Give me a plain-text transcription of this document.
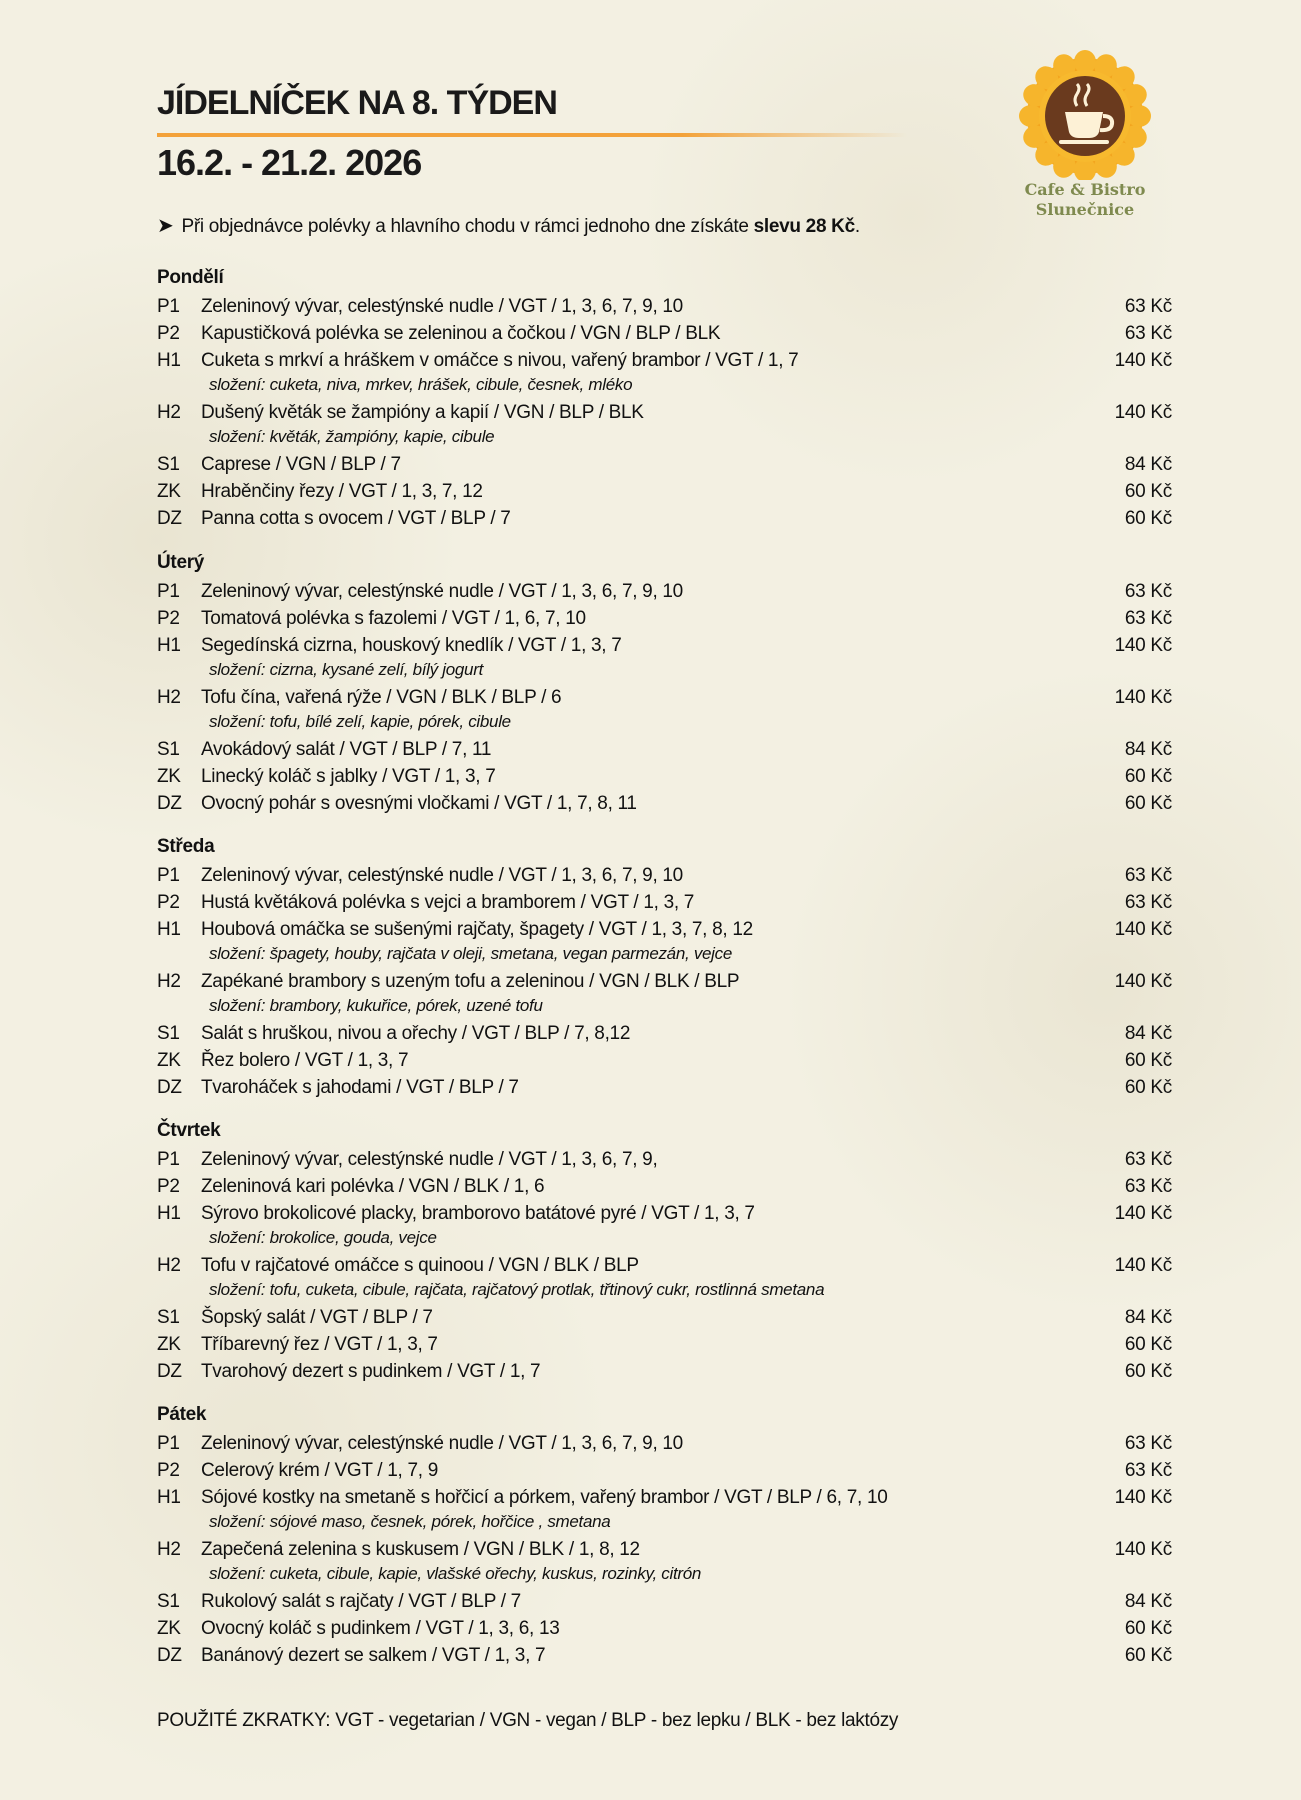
JÍDELNÍČEK NA 8. TÝDEN
16.2. - 21.2. 2026
Cafe & Bistro
Slunečnice
➤ Při objednávce polévky a hlavního chodu v rámci jednoho dne získáte slevu 28 Kč.
Pondělí
P1 Zeleninový vývar, celestýnské nudle / VGT / 1, 3, 6, 7, 9, 10	63 Kč
P2 Kapustičková polévka se zeleninou a čočkou / VGN / BLP / BLK	63 Kč
H1 Cuketa s mrkví a hráškem v omáčce s nivou, vařený brambor / VGT / 1, 7	140 Kč
složení: cuketa, niva, mrkev, hrášek, cibule, česnek, mléko
H2 Dušený květák se žampióny a kapií / VGN / BLP / BLK	140 Kč
složení: květák, žampióny, kapie, cibule
S1 Caprese / VGN / BLP / 7	84 Kč
ZK Hraběnčiny řezy / VGT / 1, 3, 7, 12	60 Kč
DZ Panna cotta s ovocem / VGT / BLP / 7	60 Kč
Úterý
P1 Zeleninový vývar, celestýnské nudle / VGT / 1, 3, 6, 7, 9, 10	63 Kč
P2 Tomatová polévka s fazolemi / VGT / 1, 6, 7, 10	63 Kč
H1 Segedínská cizrna, houskový knedlík / VGT / 1, 3, 7	140 Kč
složení: cizrna, kysané zelí, bílý jogurt
H2 Tofu čína, vařená rýže / VGN / BLK / BLP / 6	140 Kč
složení: tofu, bílé zelí, kapie, pórek, cibule
S1 Avokádový salát / VGT / BLP / 7, 11	84 Kč
ZK Linecký koláč s jablky / VGT / 1, 3, 7	60 Kč
DZ Ovocný pohár s ovesnými vločkami / VGT / 1, 7, 8, 11	60 Kč
Středa
P1 Zeleninový vývar, celestýnské nudle / VGT / 1, 3, 6, 7, 9, 10	63 Kč
P2 Hustá květáková polévka s vejci a bramborem / VGT / 1, 3, 7	63 Kč
H1 Houbová omáčka se sušenými rajčaty, špagety / VGT / 1, 3, 7, 8, 12	140 Kč
složení: špagety, houby, rajčata v oleji, smetana, vegan parmezán, vejce
H2 Zapékané brambory s uzeným tofu a zeleninou / VGN / BLK / BLP	140 Kč
složení: brambory, kukuřice, pórek, uzené tofu
S1 Salát s hruškou, nivou a ořechy / VGT / BLP / 7, 8,12	84 Kč
ZK Řez bolero / VGT / 1, 3, 7	60 Kč
DZ Tvaroháček s jahodami / VGT / BLP / 7	60 Kč
Čtvrtek
P1 Zeleninový vývar, celestýnské nudle / VGT / 1, 3, 6, 7, 9,	63 Kč
P2 Zeleninová kari polévka / VGN / BLK / 1, 6	63 Kč
H1 Sýrovo brokolicové placky, bramborovo batátové pyré / VGT / 1, 3, 7	140 Kč
složení: brokolice, gouda, vejce
H2 Tofu v rajčatové omáčce s quinoou / VGN / BLK / BLP	140 Kč
složení: tofu, cuketa, cibule, rajčata, rajčatový protlak, třtinový cukr, rostlinná smetana
S1 Šopský salát / VGT / BLP / 7	84 Kč
ZK Tříbarevný řez / VGT / 1, 3, 7	60 Kč
DZ Tvarohový dezert s pudinkem / VGT / 1, 7	60 Kč
Pátek
P1 Zeleninový vývar, celestýnské nudle / VGT / 1, 3, 6, 7, 9, 10	63 Kč
P2 Celerový krém / VGT / 1, 7, 9	63 Kč
H1 Sójové kostky na smetaně s hořčicí a pórkem, vařený brambor / VGT / BLP / 6, 7, 10	140 Kč
složení: sójové maso, česnek, pórek, hořčice , smetana
H2 Zapečená zelenina s kuskusem / VGN / BLK / 1, 8, 12	140 Kč
složení: cuketa, cibule, kapie, vlašské ořechy, kuskus, rozinky, citrón
S1 Rukolový salát s rajčaty / VGT / BLP / 7	84 Kč
ZK Ovocný koláč s pudinkem / VGT / 1, 3, 6, 13	60 Kč
DZ Banánový dezert se salkem / VGT / 1, 3, 7	60 Kč
POUŽITÉ ZKRATKY: VGT - vegetarian / VGN - vegan / BLP - bez lepku / BLK - bez laktózy
